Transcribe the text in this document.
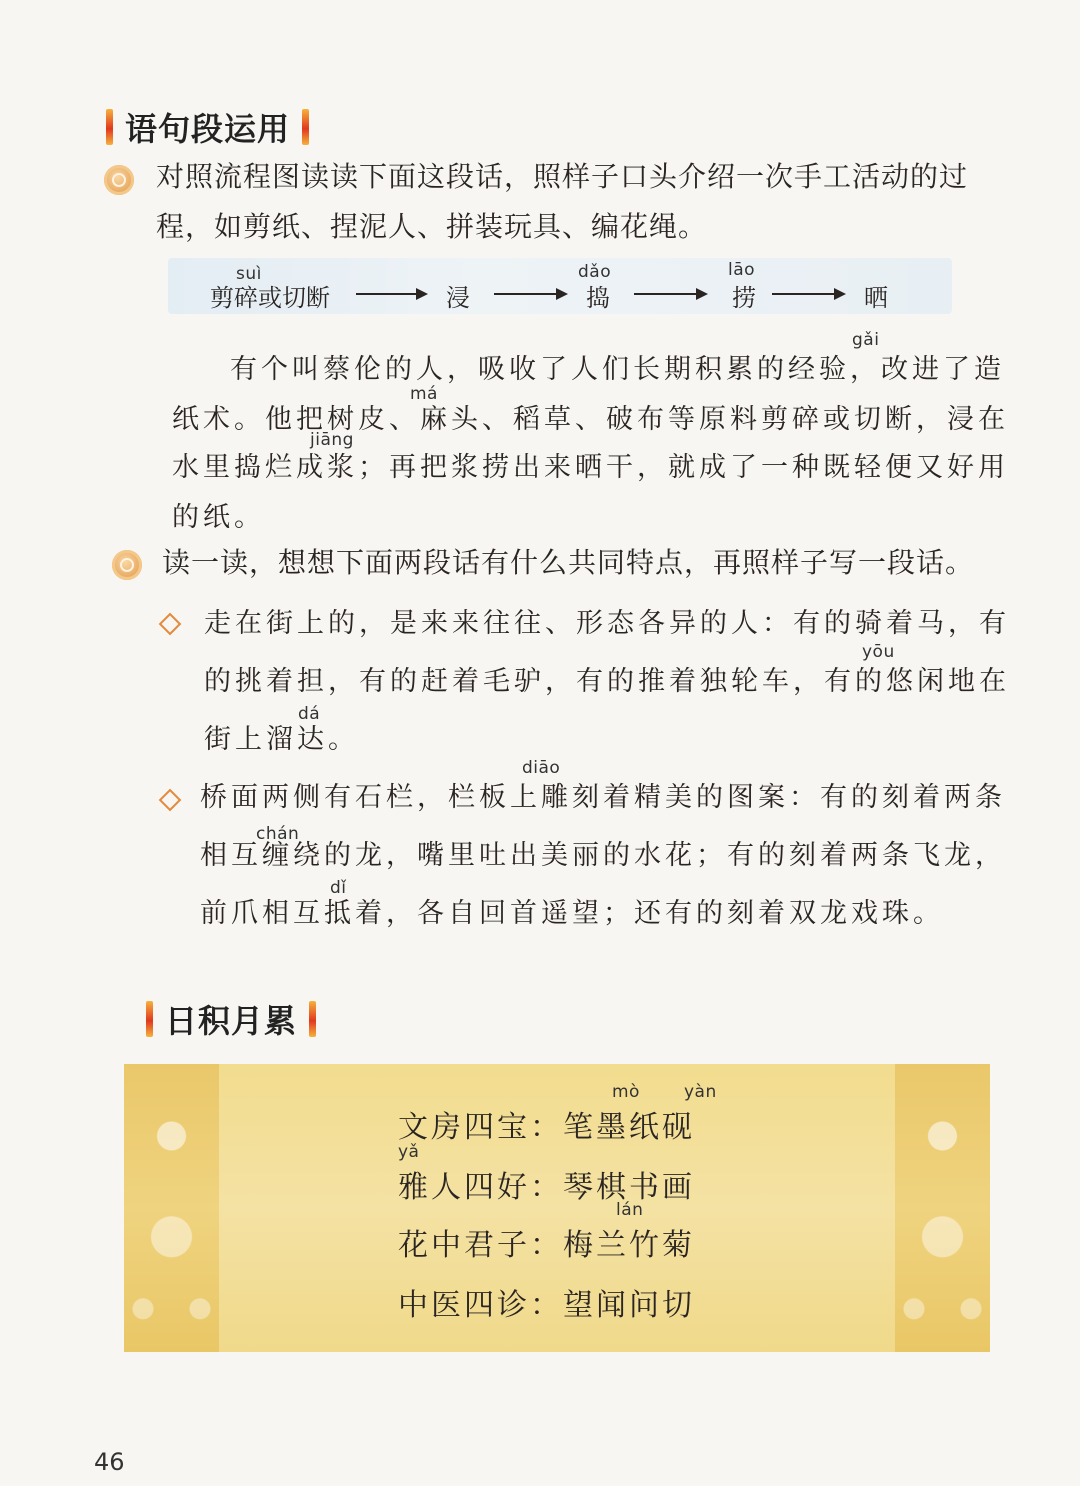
语句段运用
对照流程图读读下面这段话，照样子口头介绍一次手工活动的过
程，如剪纸、捏泥人、拼装玩具、编花绳。
suì	dǎo	lāo
剪碎或切断	浸	捣	捞	晒
gǎi
má
jiāng
有个叫蔡伦的人，吸收了人们长期积累的经验，改进了造
纸术。他把树皮、麻头、稻草、破布等原料剪碎或切断，浸在
水里捣烂成浆；再把浆捞出来晒干，就成了一种既轻便又好用
的纸。
读一读，想想下面两段话有什么共同特点，再照样子写一段话。
yōu
dá
走在街上的，是来来往往、形态各异的人：有的骑着马，有
的挑着担，有的赶着毛驴，有的推着独轮车，有的悠闲地在
街上溜达。
diāo
chán
dǐ
桥面两侧有石栏，栏板上雕刻着精美的图案：有的刻着两条
相互缠绕的龙，嘴里吐出美丽的水花；有的刻着两条飞龙，
前爪相互抵着，各自回首遥望；还有的刻着双龙戏珠。
日积月累
mò	yàn
yǎ
lán
文房四宝：笔墨纸砚
雅人四好：琴棋书画
花中君子：梅兰竹菊
中医四诊：望闻问切
46
